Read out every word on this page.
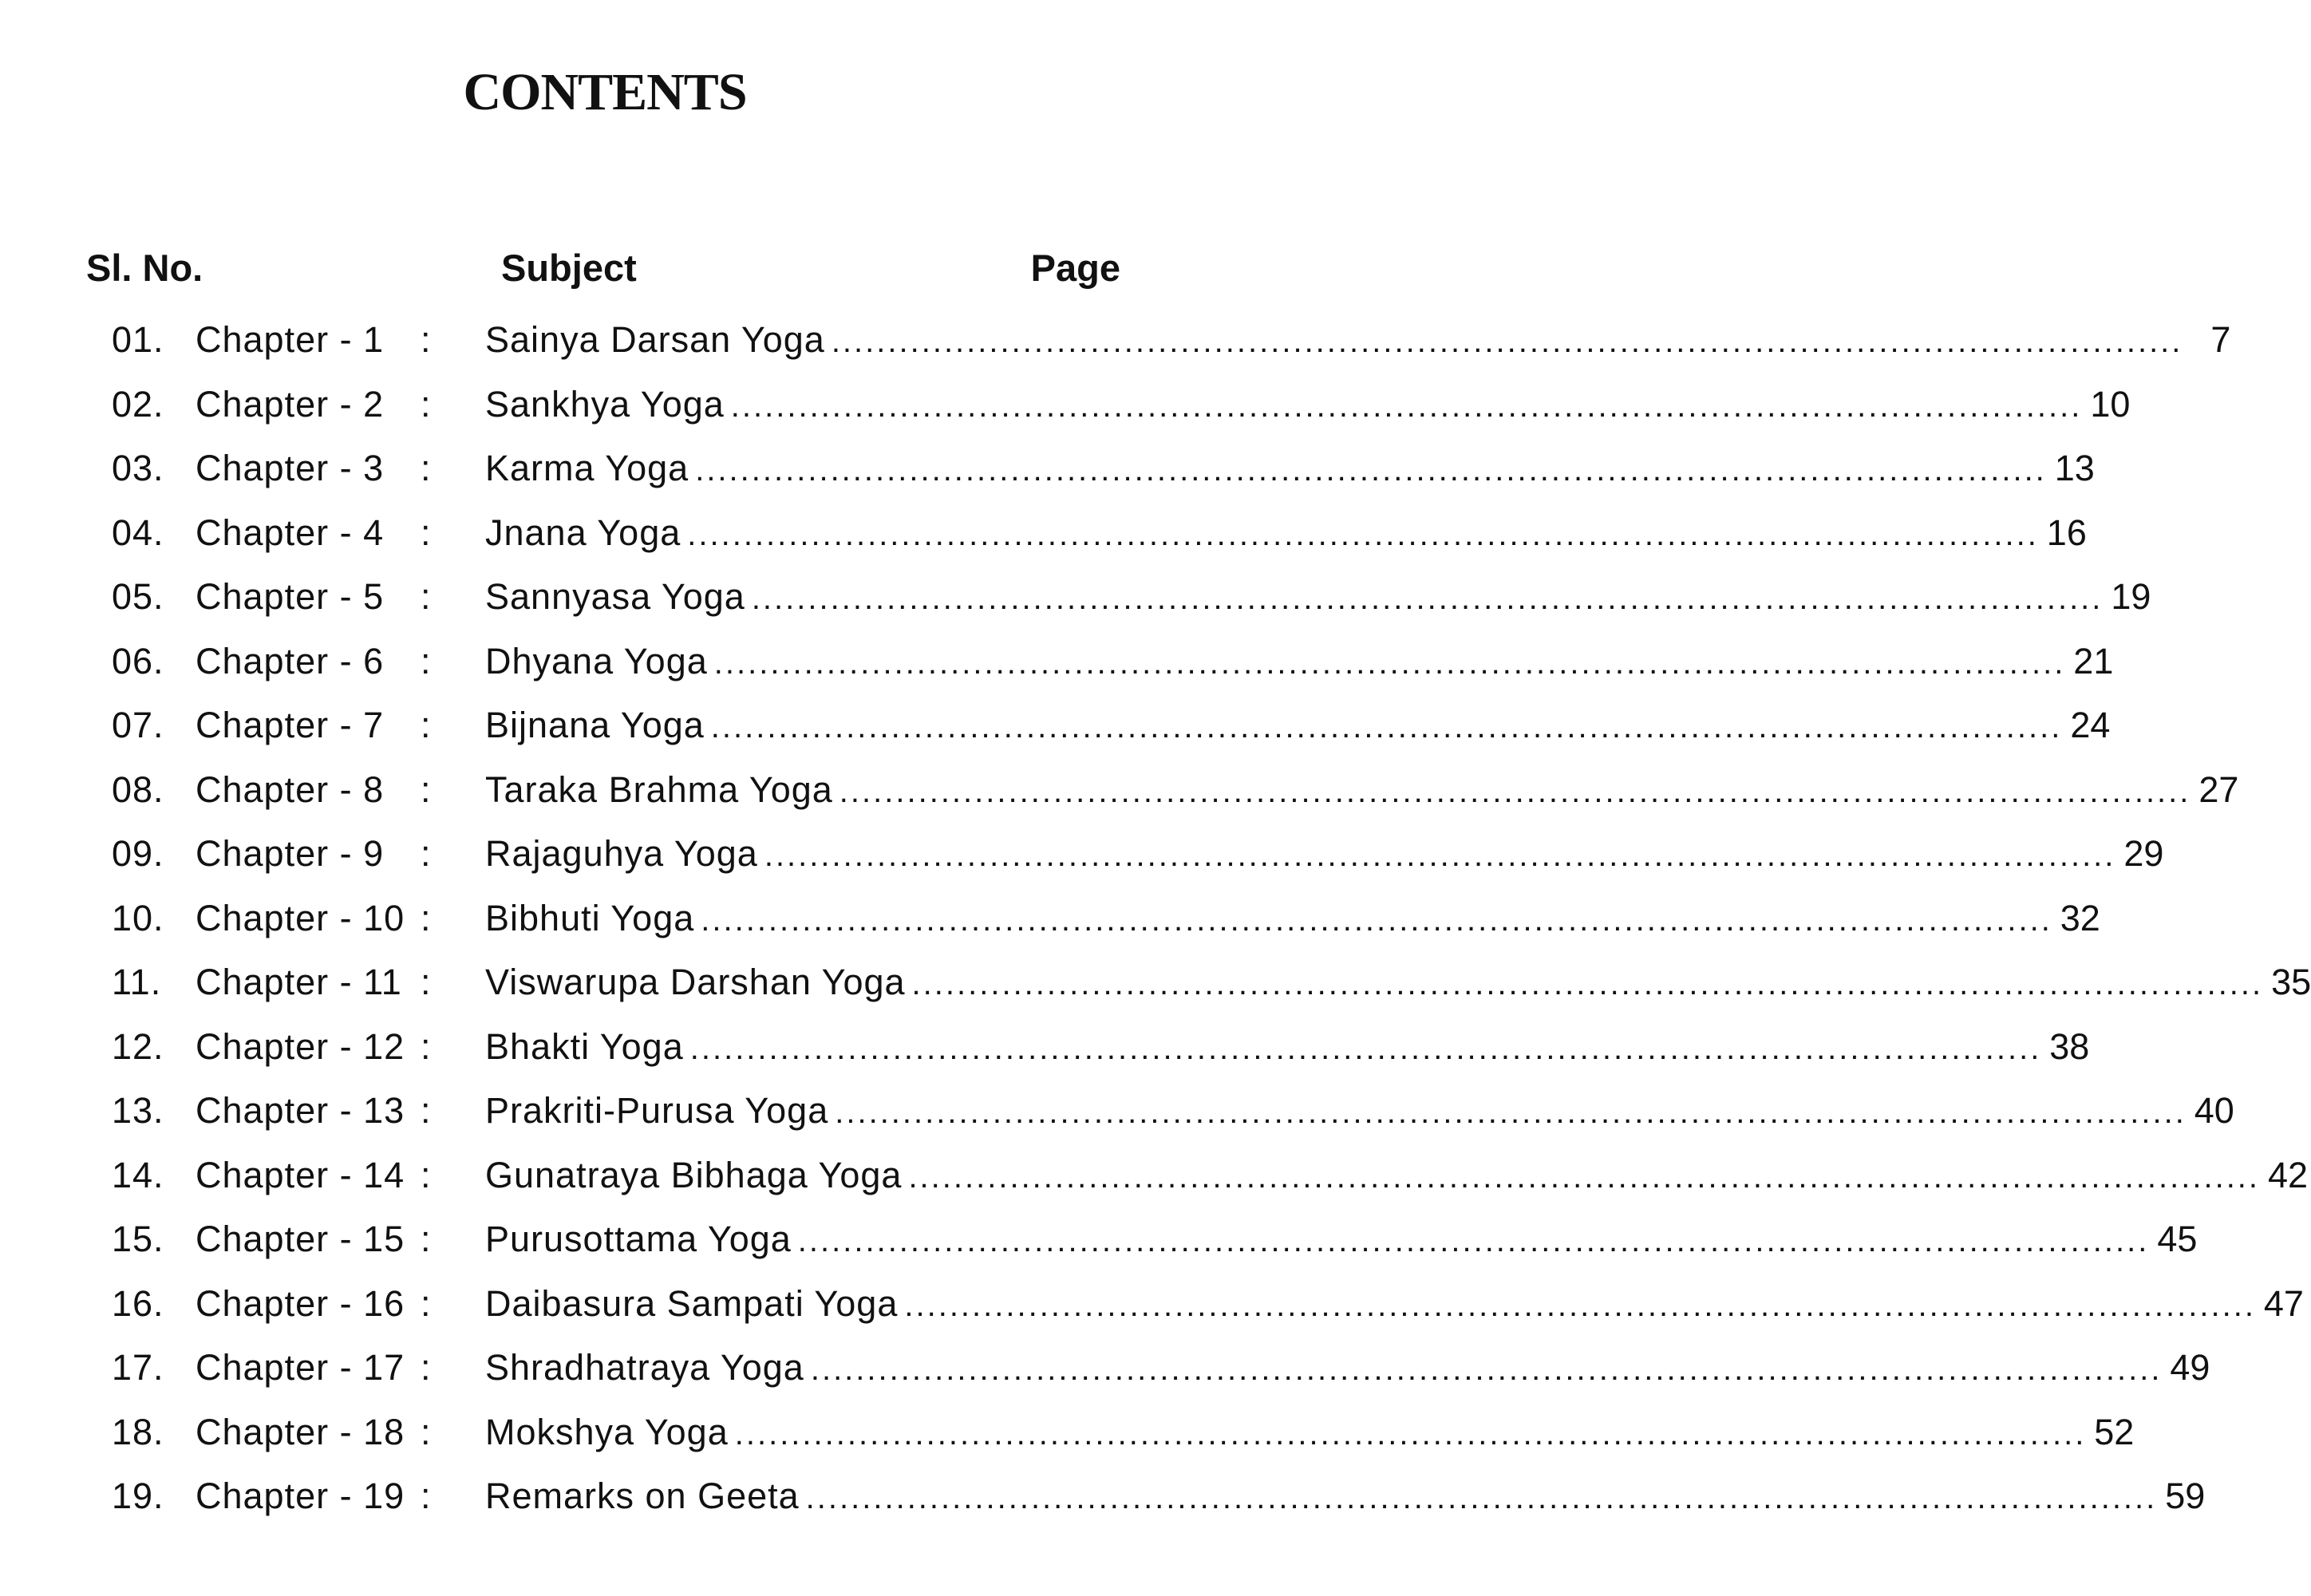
CONTENTS
Sl. No.	Subject	Page
01. Chapter - 1	: Sainya Darsan Yoga ........................................................................................................................ 7
02. Chapter - 2	: Sankhya Yoga ........................................................................................................................ 10
03. Chapter - 3	: Karma Yoga ........................................................................................................................ 13
04. Chapter - 4	: Jnana Yoga ........................................................................................................................ 16
05. Chapter - 5	: Sannyasa Yoga ........................................................................................................................ 19
06. Chapter - 6	: Dhyana Yoga ........................................................................................................................ 21
07. Chapter - 7	: Bijnana Yoga ........................................................................................................................ 24
08. Chapter - 8	: Taraka Brahma Yoga ........................................................................................................................ 27
09. Chapter - 9	: Rajaguhya Yoga ........................................................................................................................ 29
10. Chapter - 10 : Bibhuti Yoga ........................................................................................................................ 32
11. Chapter - 11 : Viswarupa Darshan Yoga ........................................................................................................................ 35
12. Chapter - 12 : Bhakti Yoga ........................................................................................................................ 38
13. Chapter - 13 : Prakriti-Purusa Yoga ........................................................................................................................ 40
14. Chapter - 14 : Gunatraya Bibhaga Yoga ........................................................................................................................ 42
15. Chapter - 15 : Purusottama Yoga ........................................................................................................................ 45
16. Chapter - 16 : Daibasura Sampati Yoga ........................................................................................................................ 47
17. Chapter - 17 : Shradhatraya Yoga ........................................................................................................................ 49
18. Chapter - 18 : Mokshya Yoga ........................................................................................................................ 52
19. Chapter - 19 : Remarks on Geeta ........................................................................................................................ 59
